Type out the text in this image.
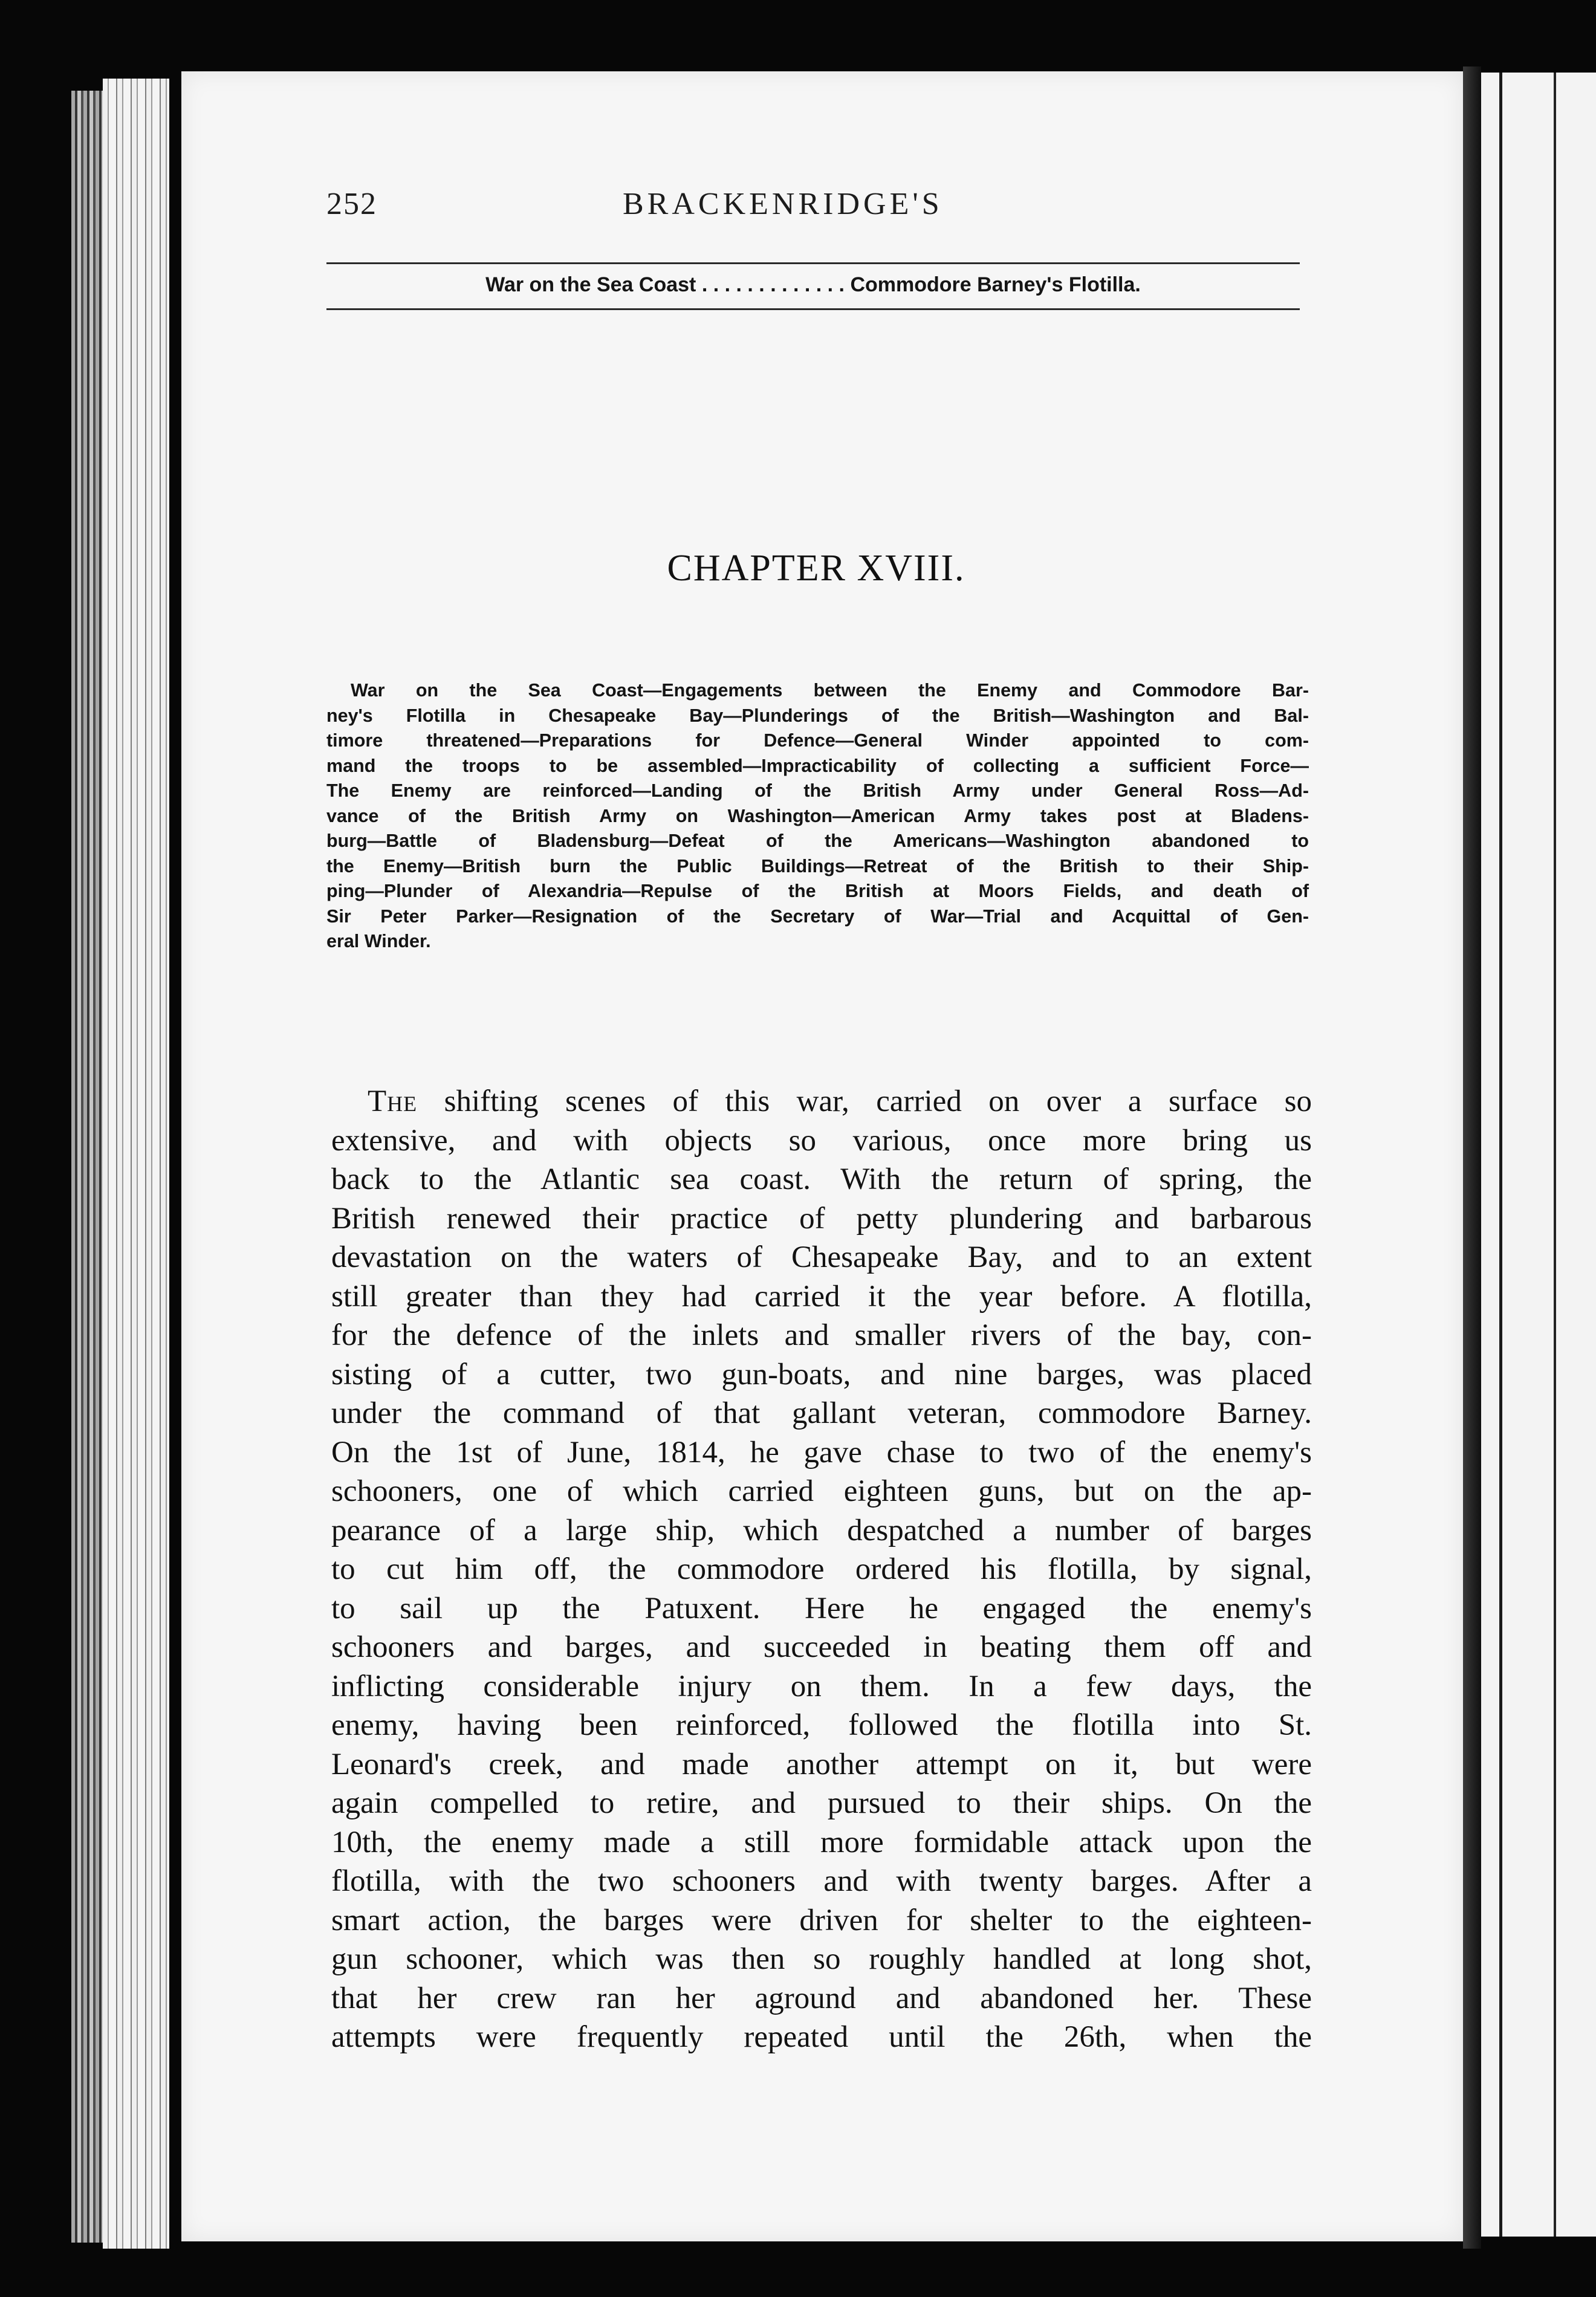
252	BRACKENRIDGE'S
War on the Sea Coast . . . . . . . . . . . . . Commodore Barney's Flotilla.
CHAPTER XVIII.
War on the Sea Coast—Engagements between the Enemy and Commodore Bar-
ney's Flotilla in Chesapeake Bay—Plunderings of the British—Washington and Bal-
timore threatened—Preparations for Defence—General Winder appointed to com-
mand the troops to be assembled—Impracticability of collecting a sufficient Force—
The Enemy are reinforced—Landing of the British Army under General Ross—Ad-
vance of the British Army on Washington—American Army takes post at Bladens-
burg—Battle of Bladensburg—Defeat of the Americans—Washington abandoned to
the Enemy—British burn the Public Buildings—Retreat of the British to their Ship-
ping—Plunder of Alexandria—Repulse of the British at Moors Fields, and death of
Sir Peter Parker—Resignation of the Secretary of War—Trial and Acquittal of Gen-
eral Winder.
The shifting scenes of this war, carried on over a surface so
extensive, and with objects so various, once more bring us
back to the Atlantic sea coast. With the return of spring, the
British renewed their practice of petty plundering and barbarous
devastation on the waters of Chesapeake Bay, and to an extent
still greater than they had carried it the year before. A flotilla,
for the defence of the inlets and smaller rivers of the bay, con-
sisting of a cutter, two gun-boats, and nine barges, was placed
under the command of that gallant veteran, commodore Barney.
On the 1st of June, 1814, he gave chase to two of the enemy's
schooners, one of which carried eighteen guns, but on the ap-
pearance of a large ship, which despatched a number of barges
to cut him off, the commodore ordered his flotilla, by signal,
to sail up the Patuxent. Here he engaged the enemy's
schooners and barges, and succeeded in beating them off and
inflicting considerable injury on them. In a few days, the
enemy, having been reinforced, followed the flotilla into St.
Leonard's creek, and made another attempt on it, but were
again compelled to retire, and pursued to their ships. On the
10th, the enemy made a still more formidable attack upon the
flotilla, with the two schooners and with twenty barges. After a
smart action, the barges were driven for shelter to the eighteen-
gun schooner, which was then so roughly handled at long shot,
that her crew ran her aground and abandoned her. These
attempts were frequently repeated until the 26th, when the
